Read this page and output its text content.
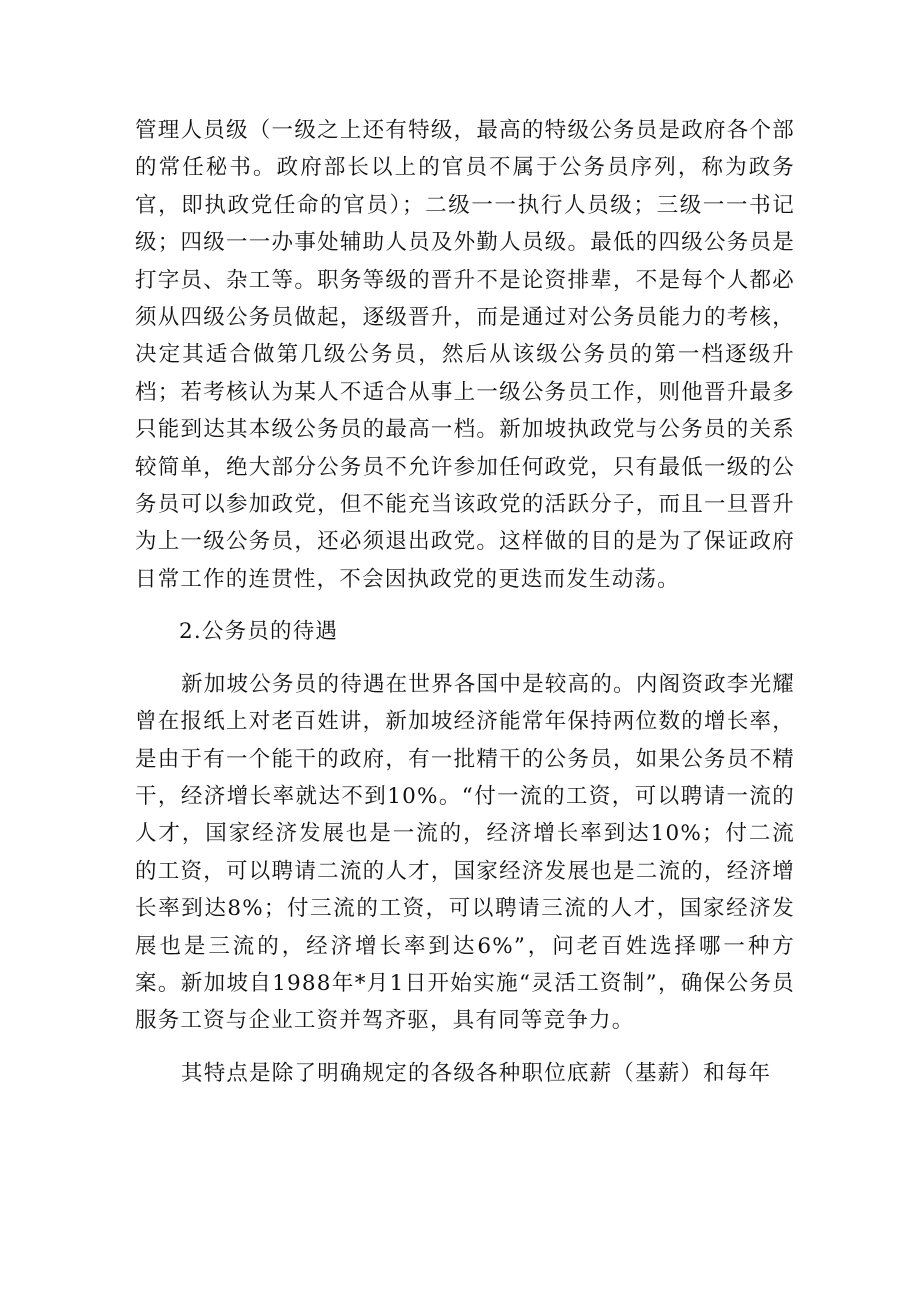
管理人员级（一级之上还有特级，最高的特级公务员是政府各个部的常任秘书。政府部长以上的官员不属于公务员序列，称为政务官，即执政党任命的官员）；二级一一执行人员级；三级一一书记级；四级一一办事处辅助人员及外勤人员级。最低的四级公务员是打字员、杂工等。职务等级的晋升不是论资排辈，不是每个人都必须从四级公务员做起，逐级晋升，而是通过对公务员能力的考核，决定其适合做第几级公务员，然后从该级公务员的第一档逐级升档；若考核认为某人不适合从事上一级公务员工作，则他晋升最多只能到达其本级公务员的最高一档。新加坡执政党与公务员的关系较简单，绝大部分公务员不允许参加任何政党，只有最低一级的公务员可以参加政党，但不能充当该政党的活跃分子，而且一旦晋升为上一级公务员，还必须退出政党。这样做的目的是为了保证政府日常工作的连贯性，不会因执政党的更迭而发生动荡。

2.公务员的待遇

新加坡公务员的待遇在世界各国中是较高的。内阁资政李光耀曾在报纸上对老百姓讲，新加坡经济能常年保持两位数的增长率，是由于有一个能干的政府，有一批精干的公务员，如果公务员不精干，经济增长率就达不到10%。“付一流的工资，可以聘请一流的人才，国家经济发展也是一流的，经济增长率到达10%；付二流的工资，可以聘请二流的人才，国家经济发展也是二流的，经济增长率到达8%；付三流的工资，可以聘请三流的人才，国家经济发展也是三流的，经济增长率到达6%”，问老百姓选择哪一种方案。新加坡自1988年*月1日开始实施“灵活工资制”，确保公务员服务工资与企业工资并驾齐驱，具有同等竞争力。

其特点是除了明确规定的各级各种职位底薪（基薪）和每年
